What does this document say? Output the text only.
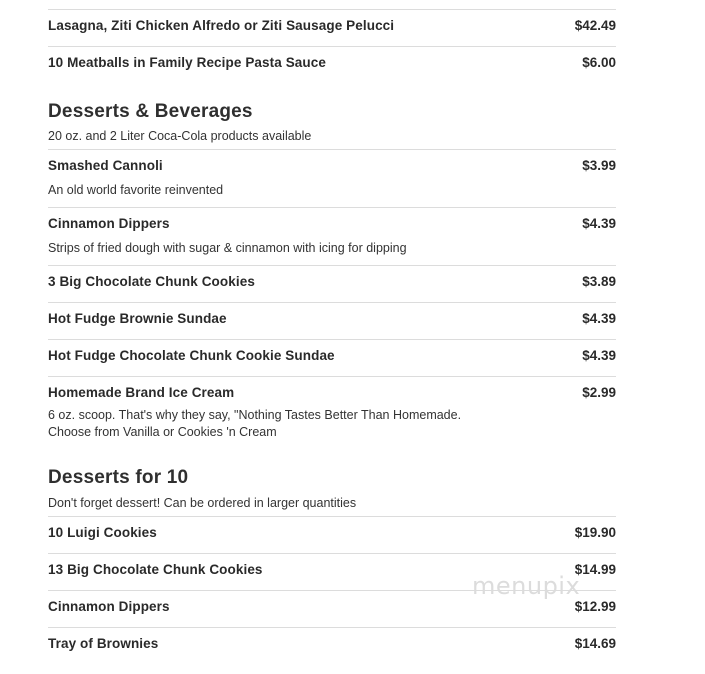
Lasagna, Ziti Chicken Alfredo or Ziti Sausage Pelucci	$42.49
10 Meatballs in Family Recipe Pasta Sauce	$6.00
Desserts & Beverages
20 oz. and 2 Liter Coca-Cola products available
Smashed Cannoli	$3.99
An old world favorite reinvented
Cinnamon Dippers	$4.39
Strips of fried dough with sugar & cinnamon with icing for dipping
3 Big Chocolate Chunk Cookies	$3.89
Hot Fudge Brownie Sundae	$4.39
Hot Fudge Chocolate Chunk Cookie Sundae	$4.39
Homemade Brand Ice Cream	$2.99
6 oz. scoop. That's why they say, "Nothing Tastes Better Than Homemade.
Choose from Vanilla or Cookies 'n Cream
Desserts for 10
Don't forget dessert! Can be ordered in larger quantities
10 Luigi Cookies	$19.90
13 Big Chocolate Chunk Cookies	$14.99
Cinnamon Dippers	$12.99
Tray of Brownies	$14.69
menupix
